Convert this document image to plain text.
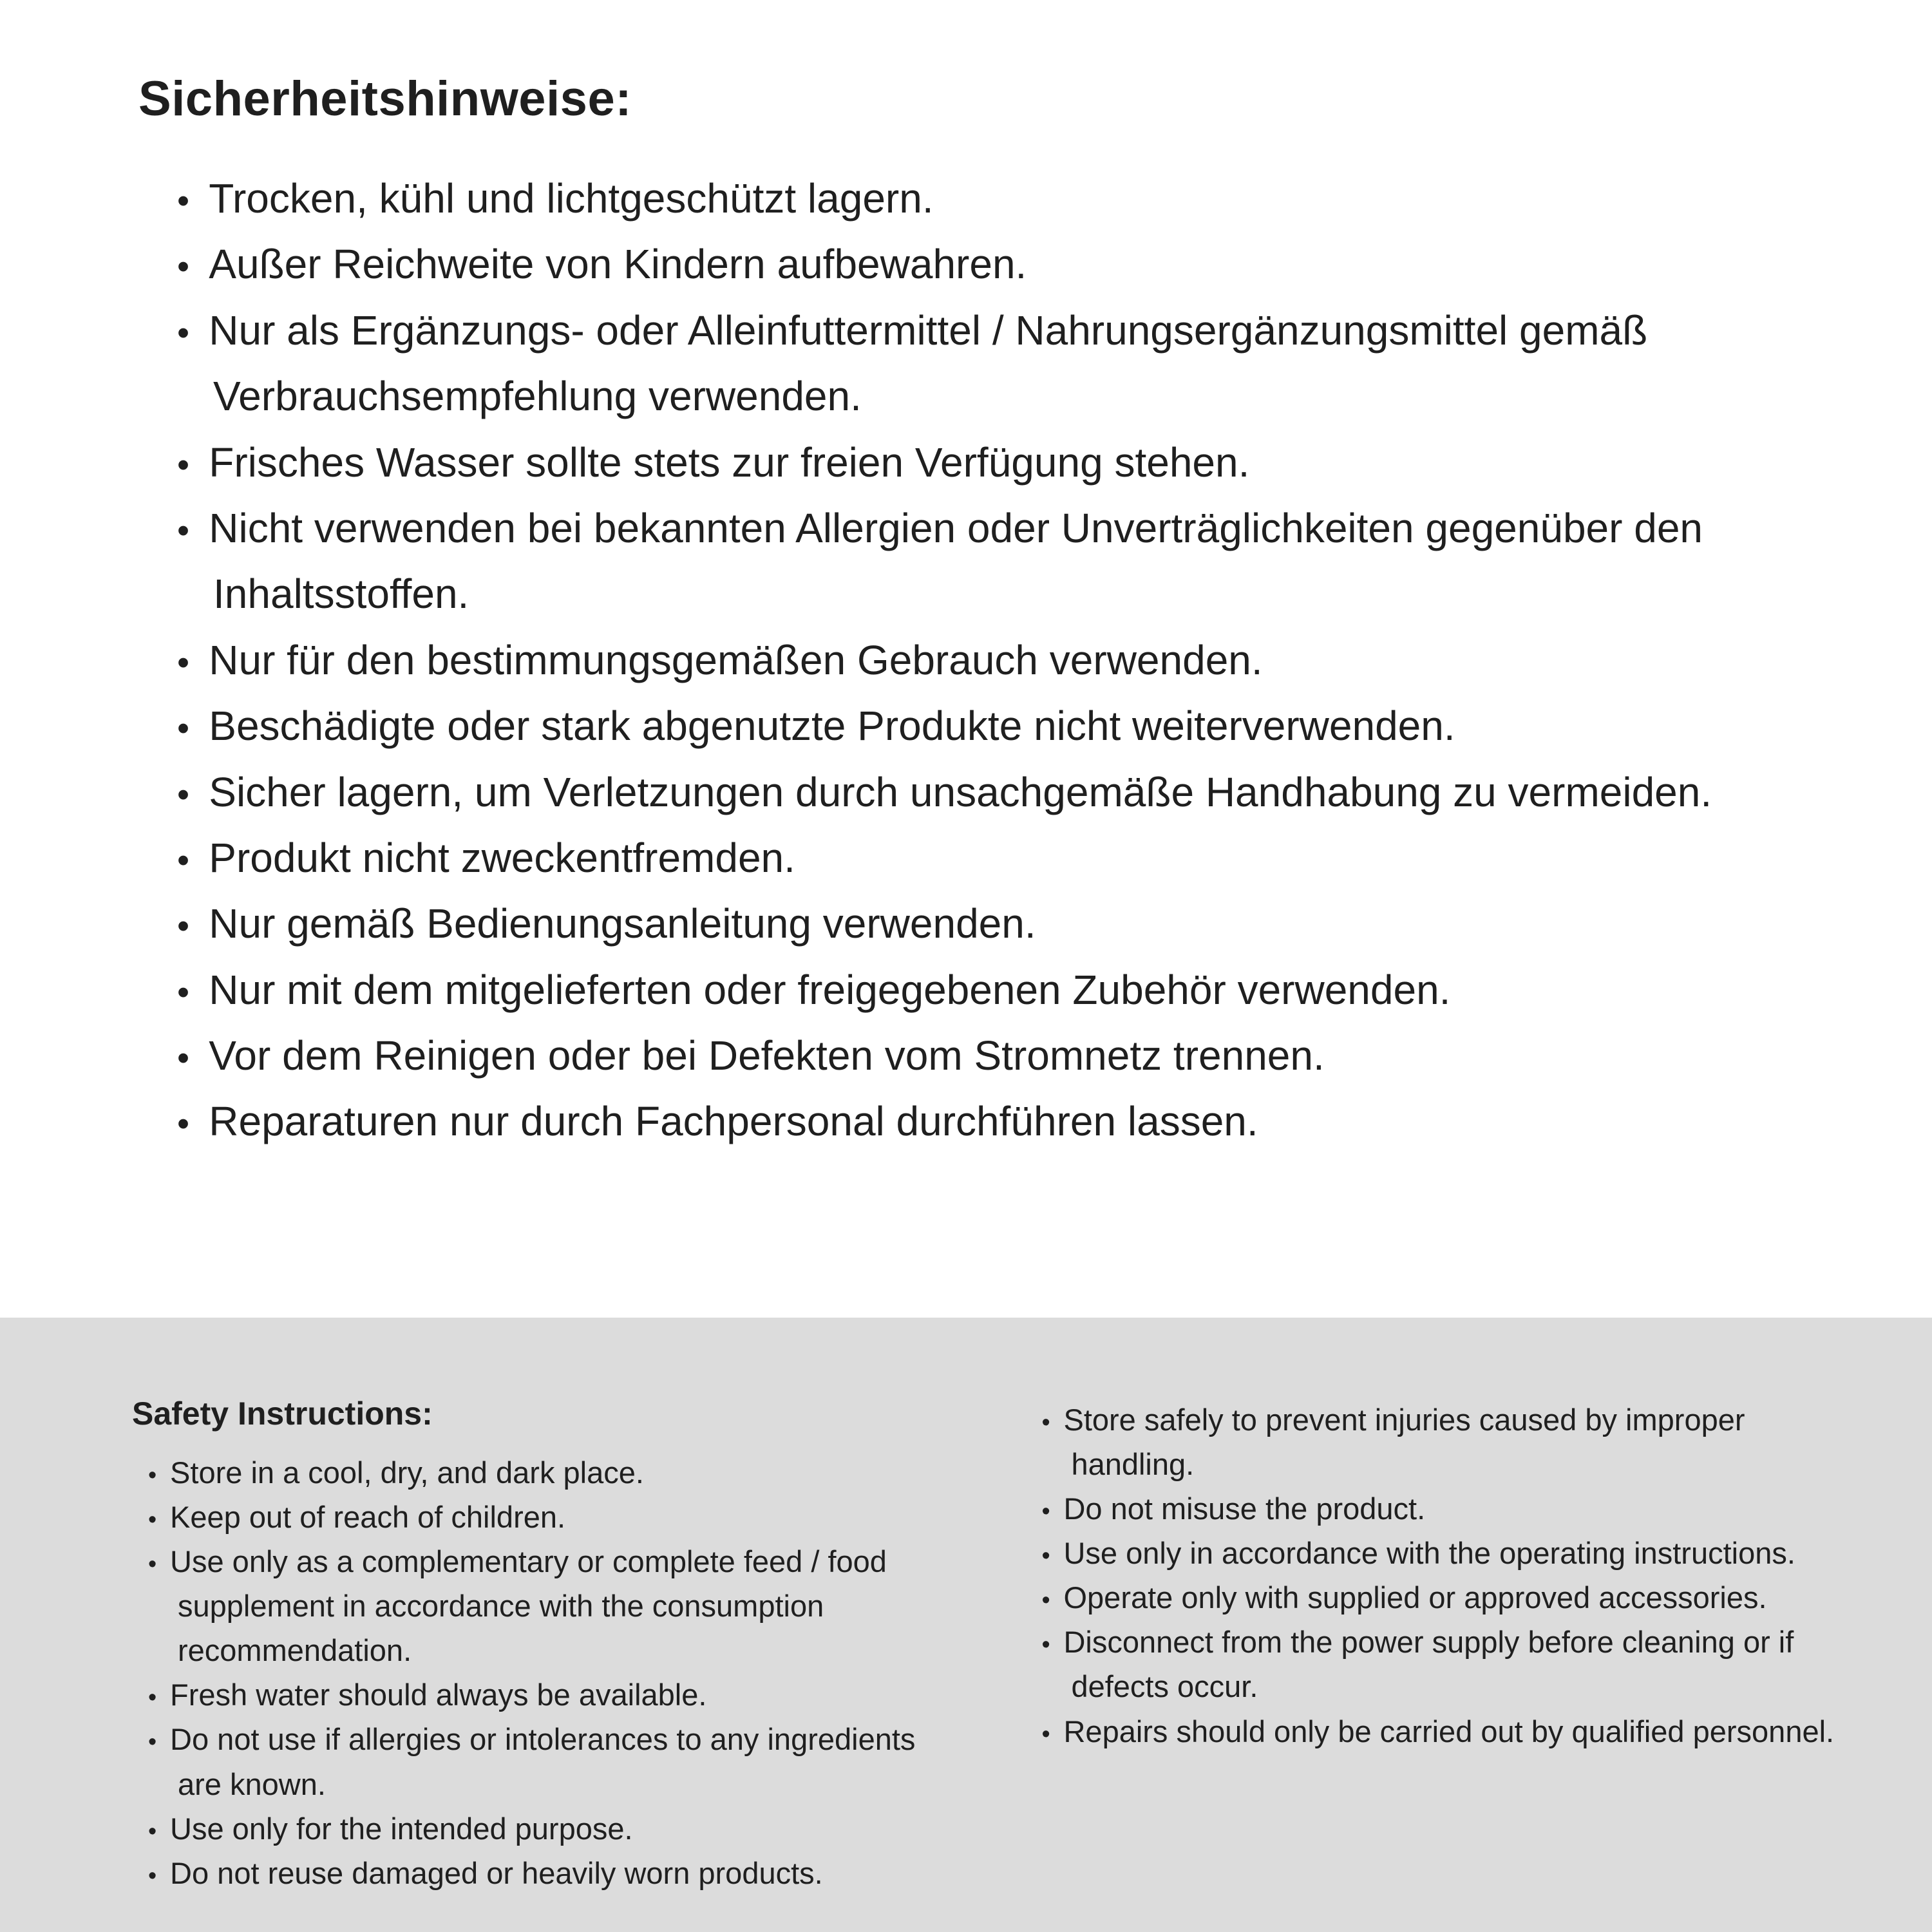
Sicherheitshinweise:
•  Trocken, kühl und lichtgeschützt lagern.
•  Außer Reichweite von Kindern aufbewahren.
•  Nur als Ergänzungs- oder Alleinfuttermittel / Nahrungsergänzungsmittel gemäß Verbrauchsempfehlung verwenden.
•  Frisches Wasser sollte stets zur freien Verfügung stehen.
•  Nicht verwenden bei bekannten Allergien oder Unverträglichkeiten gegenüber den Inhaltsstoffen.
•  Nur für den bestimmungsgemäßen Gebrauch verwenden.
•  Beschädigte oder stark abgenutzte Produkte nicht weiterverwenden.
•  Sicher lagern, um Verletzungen durch unsachgemäße Handhabung zu vermeiden.
•  Produkt nicht zweckentfremden.
•  Nur gemäß Bedienungsanleitung verwenden.
•  Nur mit dem mitgelieferten oder freigegebenen Zubehör verwenden.
•  Vor dem Reinigen oder bei Defekten vom Stromnetz trennen.
•  Reparaturen nur durch Fachpersonal durchführen lassen.
Safety Instructions:
•  Store in a cool, dry, and dark place.
•  Keep out of reach of children.
•  Use only as a complementary or complete feed / food supplement in accordance with the consumption recommendation.
•  Fresh water should always be available.
•  Do not use if allergies or intolerances to any ingredients are known.
•  Use only for the intended purpose.
•  Do not reuse damaged or heavily worn products.
•  Store safely to prevent injuries caused by improper handling.
•  Do not misuse the product.
•  Use only in accordance with the operating instructions.
•  Operate only with supplied or approved accessories.
•  Disconnect from the power supply before cleaning or if defects occur.
•  Repairs should only be carried out by qualified personnel.
